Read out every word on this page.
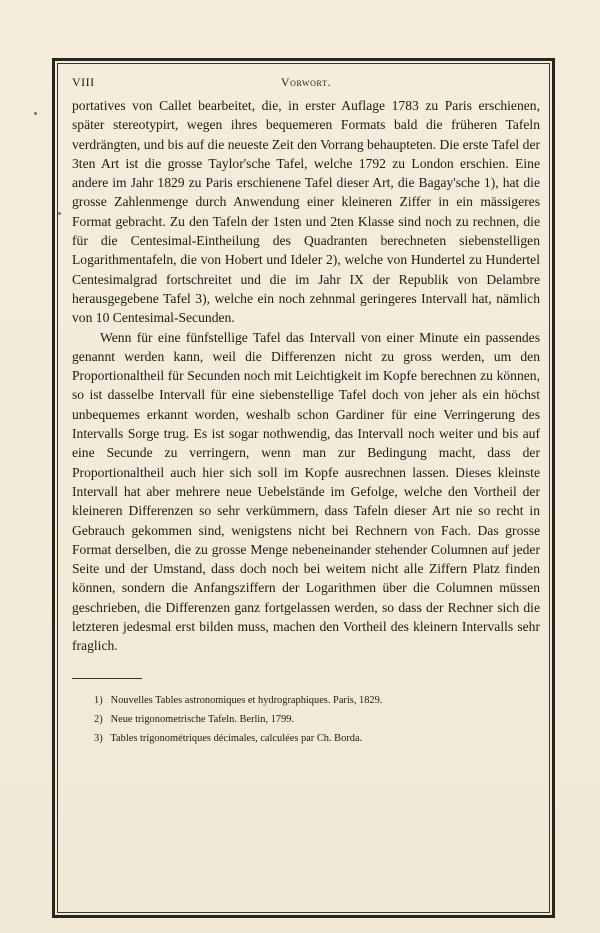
VIII	Vorwort.

portatives von Callet bearbeitet, die, in erster Auflage 1783 zu Paris erschienen, später stereotypirt, wegen ihres bequemeren Formats bald die früheren Tafeln verdrängten, und bis auf die neueste Zeit den Vorrang behaupteten. Die erste Tafel der 3ten Art ist die grosse Taylor'sche Tafel, welche 1792 zu London erschien. Eine andere im Jahr 1829 zu Paris erschienene Tafel dieser Art, die Bagay'sche 1), hat die grosse Zahlenmenge durch Anwendung einer kleineren Ziffer in ein mässigeres Format gebracht. Zu den Tafeln der 1sten und 2ten Klasse sind noch zu rechnen, die für die Centesimal-Eintheilung des Quadranten berechneten siebenstelligen Logarithmentafeln, die von Hobert und Ideler 2), welche von Hundertel zu Hundertel Centesimalgrad fortschreitet und die im Jahr IX der Republik von Delambre herausgegebene Tafel 3), welche ein noch zehnmal geringeres Intervall hat, nämlich von 10 Centesimal-Secunden.

Wenn für eine fünfstellige Tafel das Intervall von einer Minute ein passendes genannt werden kann, weil die Differenzen nicht zu gross werden, um den Proportionaltheil für Secunden noch mit Leichtigkeit im Kopfe berechnen zu können, so ist dasselbe Intervall für eine siebenstellige Tafel doch von jeher als ein höchst unbequemes erkannt worden, weshalb schon Gardiner für eine Verringerung des Intervalls Sorge trug. Es ist sogar nothwendig, das Intervall noch weiter und bis auf eine Secunde zu verringern, wenn man zur Bedingung macht, dass der Proportionaltheil auch hier sich soll im Kopfe ausrechnen lassen. Dieses kleinste Intervall hat aber mehrere neue Uebelstände im Gefolge, welche den Vortheil der kleineren Differenzen so sehr verkümmern, dass Tafeln dieser Art nie so recht in Gebrauch gekommen sind, wenigstens nicht bei Rechnern von Fach. Das grosse Format derselben, die zu grosse Menge nebeneinander stehender Columnen auf jeder Seite und der Umstand, dass doch noch bei weitem nicht alle Ziffern Platz finden können, sondern die Anfangsziffern der Logarithmen über die Columnen müssen geschrieben, die Differenzen ganz fortgelassen werden, so dass der Rechner sich die letzteren jedesmal erst bilden muss, machen den Vortheil des kleinern Intervalls sehr fraglich.

1) Nouvelles Tables astronomiques et hydrographiques. Paris, 1829.
2) Neue trigonometrische Tafeln. Berlin, 1799.
3) Tables trigonométriques décimales, calculées par Ch. Borda.
